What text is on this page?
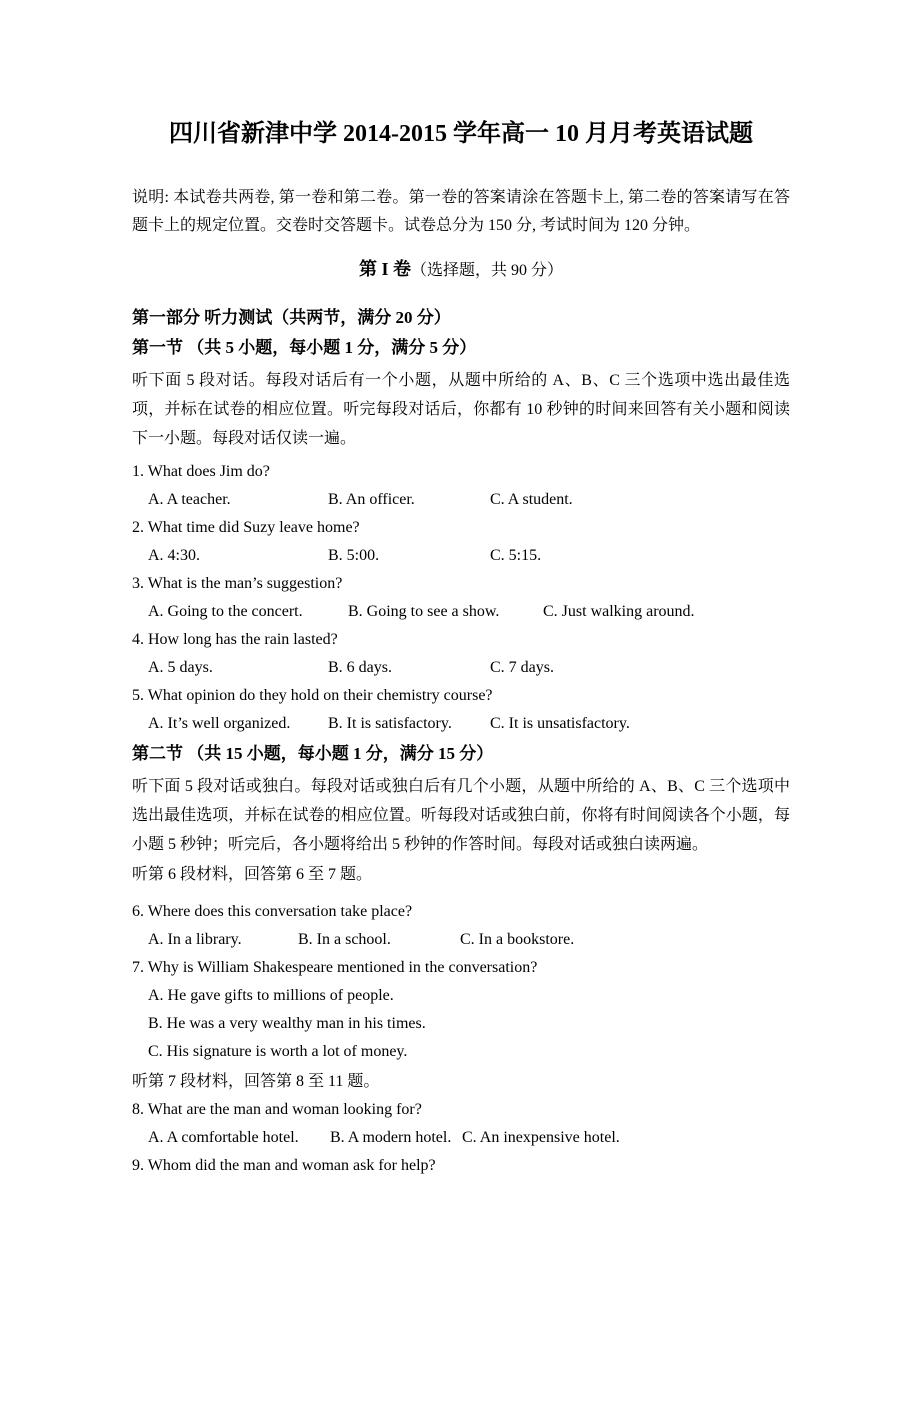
四川省新津中学 2014-2015 学年高一 10 月月考英语试题
说明: 本试卷共两卷, 第一卷和第二卷。第一卷的答案请涂在答题卡上, 第二卷的答案请写在答题卡上的规定位置。交卷时交答题卡。试卷总分为 150 分, 考试时间为 120 分钟。
第 I 卷（选择题，共 90 分）
第一部分 听力测试（共两节，满分 20 分）
第一节 （共 5 小题，每小题 1 分，满分 5 分）
听下面 5 段对话。每段对话后有一个小题，从题中所给的 A、B、C 三个选项中选出最佳选项，并标在试卷的相应位置。听完每段对话后，你都有 10 秒钟的时间来回答有关小题和阅读下一小题。每段对话仅读一遍。
1. What does Jim do?
A. A teacher.	B. An officer.	C. A student.
2. What time did Suzy leave home?
A. 4:30.	B. 5:00.	C. 5:15.
3. What is the man’s suggestion?
A. Going to the concert.	B. Going to see a show.	C. Just walking around.
4. How long has the rain lasted?
A. 5 days.	B. 6 days.	C. 7 days.
5. What opinion do they hold on their chemistry course?
A. It’s well organized. B. It is satisfactory. C. It is unsatisfactory.
第二节 （共 15 小题，每小题 1 分，满分 15 分）
听下面 5 段对话或独白。每段对话或独白后有几个小题，从题中所给的 A、B、C 三个选项中选出最佳选项，并标在试卷的相应位置。听每段对话或独白前，你将有时间阅读各个小题，每小题 5 秒钟；听完后，各小题将给出 5 秒钟的作答时间。每段对话或独白读两遍。
听第 6 段材料，回答第 6 至 7 题。
6. Where does this conversation take place?
A. In a library.	B. In a school.	C. In a bookstore.
7. Why is William Shakespeare mentioned in the conversation?
A. He gave gifts to millions of people.
B. He was a very wealthy man in his times.
C. His signature is worth a lot of money.
听第 7 段材料，回答第 8 至 11 题。
8. What are the man and woman looking for?
A. A comfortable hotel. B. A modern hotel. C. An inexpensive hotel.
9. Whom did the man and woman ask for help?
